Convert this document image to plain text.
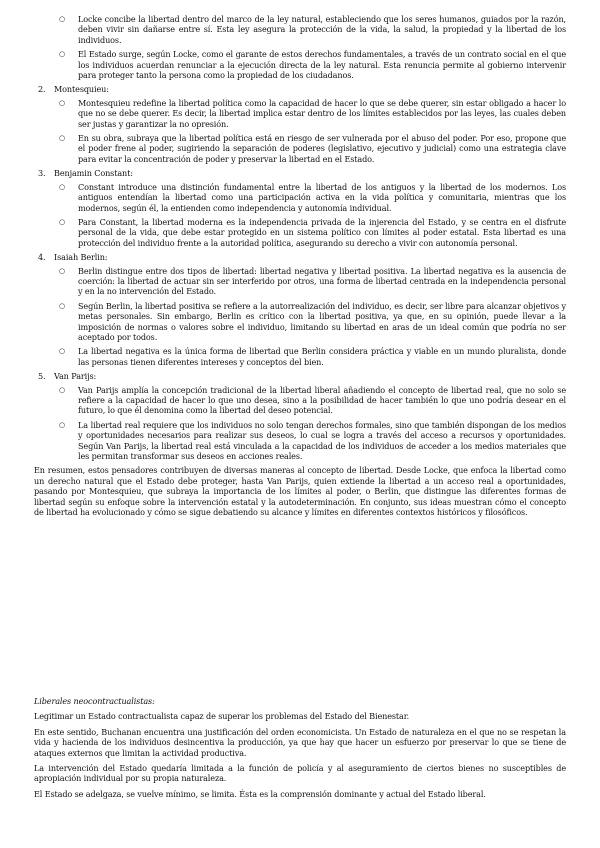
○ Locke concibe la libertad dentro del marco de la ley natural, estableciendo que los seres humanos, guiados por la razón, deben vivir sin dañarse entre sí. Esta ley asegura la protección de la vida, la salud, la propiedad y la libertad de los individuos.
○ El Estado surge, según Locke, como el garante de estos derechos fundamentales, a través de un contrato social en el que los individuos acuerdan renunciar a la ejecución directa de la ley natural. Esta renuncia permite al gobierno intervenir para proteger tanto la persona como la propiedad de los ciudadanos.
2. Montesquieu:
○ Montesquieu redefine la libertad política como la capacidad de hacer lo que se debe querer, sin estar obligado a hacer lo que no se debe querer. Es decir, la libertad implica estar dentro de los límites establecidos por las leyes, las cuales deben ser justas y garantizar la no opresión.
○ En su obra, subraya que la libertad política está en riesgo de ser vulnerada por el abuso del poder. Por eso, propone que el poder frene al poder, sugiriendo la separación de poderes (legislativo, ejecutivo y judicial) como una estrategia clave para evitar la concentración de poder y preservar la libertad en el Estado.
3. Benjamin Constant:
○ Constant introduce una distinción fundamental entre la libertad de los antiguos y la libertad de los modernos. Los antiguos entendían la libertad como una participación activa en la vida política y comunitaria, mientras que los modernos, según él, la entienden como independencia y autonomía individual.
○ Para Constant, la libertad moderna es la independencia privada de la injerencia del Estado, y se centra en el disfrute personal de la vida, que debe estar protegido en un sistema político con límites al poder estatal. Esta libertad es una protección del individuo frente a la autoridad política, asegurando su derecho a vivir con autonomía personal.
4. Isaiah Berlin:
○ Berlin distingue entre dos tipos de libertad: libertad negativa y libertad positiva. La libertad negativa es la ausencia de coerción: la libertad de actuar sin ser interferido por otros, una forma de libertad centrada en la independencia personal y en la no intervención del Estado.
○ Según Berlin, la libertad positiva se refiere a la autorrealización del individuo, es decir, ser libre para alcanzar objetivos y metas personales. Sin embargo, Berlin es crítico con la libertad positiva, ya que, en su opinión, puede llevar a la imposición de normas o valores sobre el individuo, limitando su libertad en aras de un ideal común que podría no ser aceptado por todos.
○ La libertad negativa es la única forma de libertad que Berlin considera práctica y viable en un mundo pluralista, donde las personas tienen diferentes intereses y conceptos del bien.
5. Van Parijs:
○ Van Parijs amplía la concepción tradicional de la libertad liberal añadiendo el concepto de libertad real, que no solo se refiere a la capacidad de hacer lo que uno desea, sino a la posibilidad de hacer también lo que uno podría desear en el futuro, lo que él denomina como la libertad del deseo potencial.
○ La libertad real requiere que los individuos no solo tengan derechos formales, sino que también dispongan de los medios y oportunidades necesarios para realizar sus deseos, lo cual se logra a través del acceso a recursos y oportunidades. Según Van Parijs, la libertad real está vinculada a la capacidad de los individuos de acceder a los medios materiales que les permitan transformar sus deseos en acciones reales.

En resumen, estos pensadores contribuyen de diversas maneras al concepto de libertad. Desde Locke, que enfoca la libertad como un derecho natural que el Estado debe proteger, hasta Van Parijs, quien extiende la libertad a un acceso real a oportunidades, pasando por Montesquieu, que subraya la importancia de los límites al poder, o Berlin, que distingue las diferentes formas de libertad según su enfoque sobre la intervención estatal y la autodeterminación. En conjunto, sus ideas muestran cómo el concepto de libertad ha evolucionado y cómo se sigue debatiendo su alcance y límites en diferentes contextos históricos y filosóficos.

Liberales neocontractualistas:

Legitimar un Estado contractualista capaz de superar los problemas del Estado del Bienestar.

En este sentido, Buchanan encuentra una justificación del orden economicista. Un Estado de naturaleza en el que no se respetan la vida y hacienda de los individuos desincentiva la producción, ya que hay que hacer un esfuerzo por preservar lo que se tiene de ataques externos que limitan la actividad productiva.

La intervención del Estado quedaría limitada a la función de policía y al aseguramiento de ciertos bienes no susceptibles de apropiación individual por su propia naturaleza.

El Estado se adelgaza, se vuelve mínimo, se limita. Ésta es la comprensión dominante y actual del Estado liberal.
